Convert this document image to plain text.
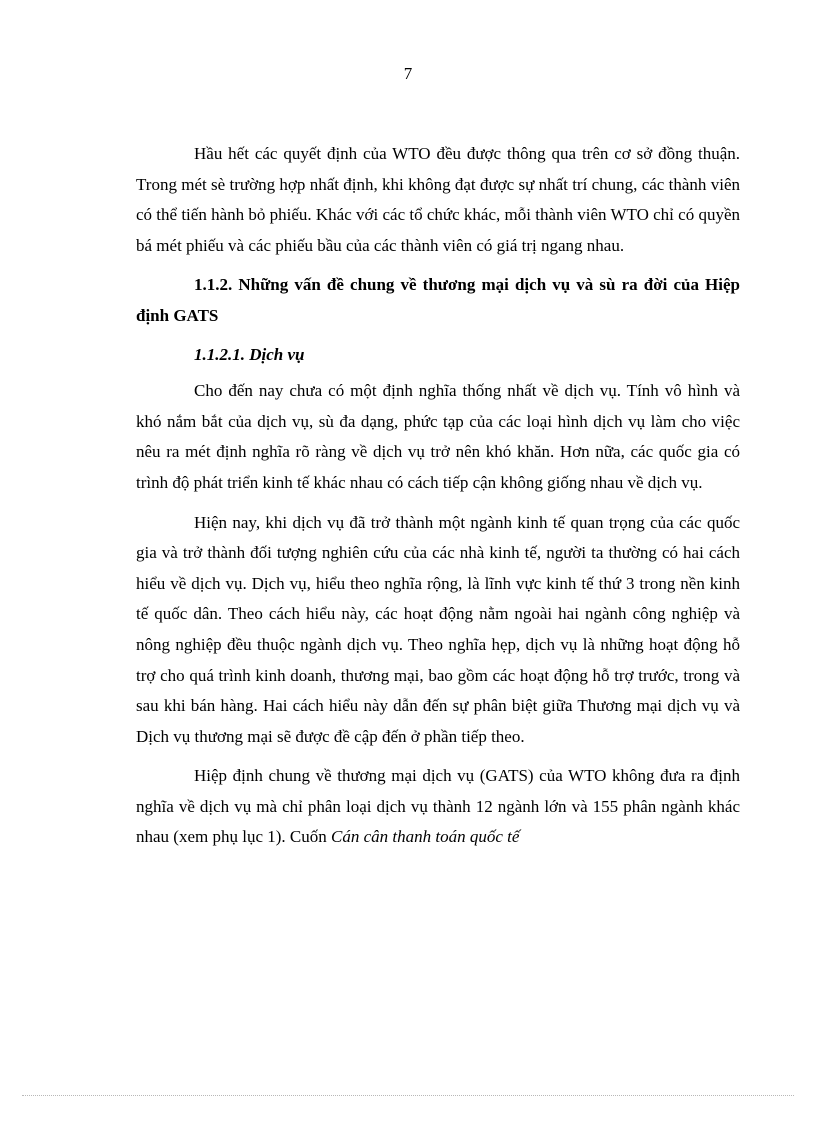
7

Hầu hết các quyết định của WTO đều được thông qua trên cơ sở đồng thuận. Trong mét sè trường hợp nhất định, khi không đạt được sự nhất trí chung, các thành viên có thể tiến hành bỏ phiếu. Khác với các tổ chức khác, mỗi thành viên WTO chỉ có quyền bá mét phiếu và các phiếu bầu của các thành viên có giá trị ngang nhau.

1.1.2. Những vấn đề chung về thương mại dịch vụ và sù ra đời của Hiệp định GATS

1.1.2.1. Dịch vụ

Cho đến nay chưa có một định nghĩa thống nhất về dịch vụ. Tính vô hình và khó nắm bắt của dịch vụ, sù đa dạng, phức tạp của các loại hình dịch vụ làm cho việc nêu ra mét định nghĩa rõ ràng về dịch vụ trở nên khó khăn. Hơn nữa, các quốc gia có trình độ phát triển kinh tế khác nhau có cách tiếp cận không giống nhau về dịch vụ.

Hiện nay, khi dịch vụ đã trở thành một ngành kinh tế quan trọng của các quốc gia và trở thành đối tượng nghiên cứu của các nhà kinh tế, người ta thường có hai cách hiểu về dịch vụ. Dịch vụ, hiểu theo nghĩa rộng, là lĩnh vực kinh tế thứ 3 trong nền kinh tế quốc dân. Theo cách hiểu này, các hoạt động nằm ngoài hai ngành công nghiệp và nông nghiệp đều thuộc ngành dịch vụ. Theo nghĩa hẹp, dịch vụ là những hoạt động hỗ trợ cho quá trình kinh doanh, thương mại, bao gồm các hoạt động hỗ trợ trước, trong và sau khi bán hàng. Hai cách hiểu này dẫn đến sự phân biệt giữa Thương mại dịch vụ và Dịch vụ thương mại sẽ được đề cập đến ở phần tiếp theo.

Hiệp định chung về thương mại dịch vụ (GATS) của WTO không đưa ra định nghĩa về dịch vụ mà chỉ phân loại dịch vụ thành 12 ngành lớn và 155 phân ngành khác nhau (xem phụ lục 1). Cuốn Cán cân thanh toán quốc tế
